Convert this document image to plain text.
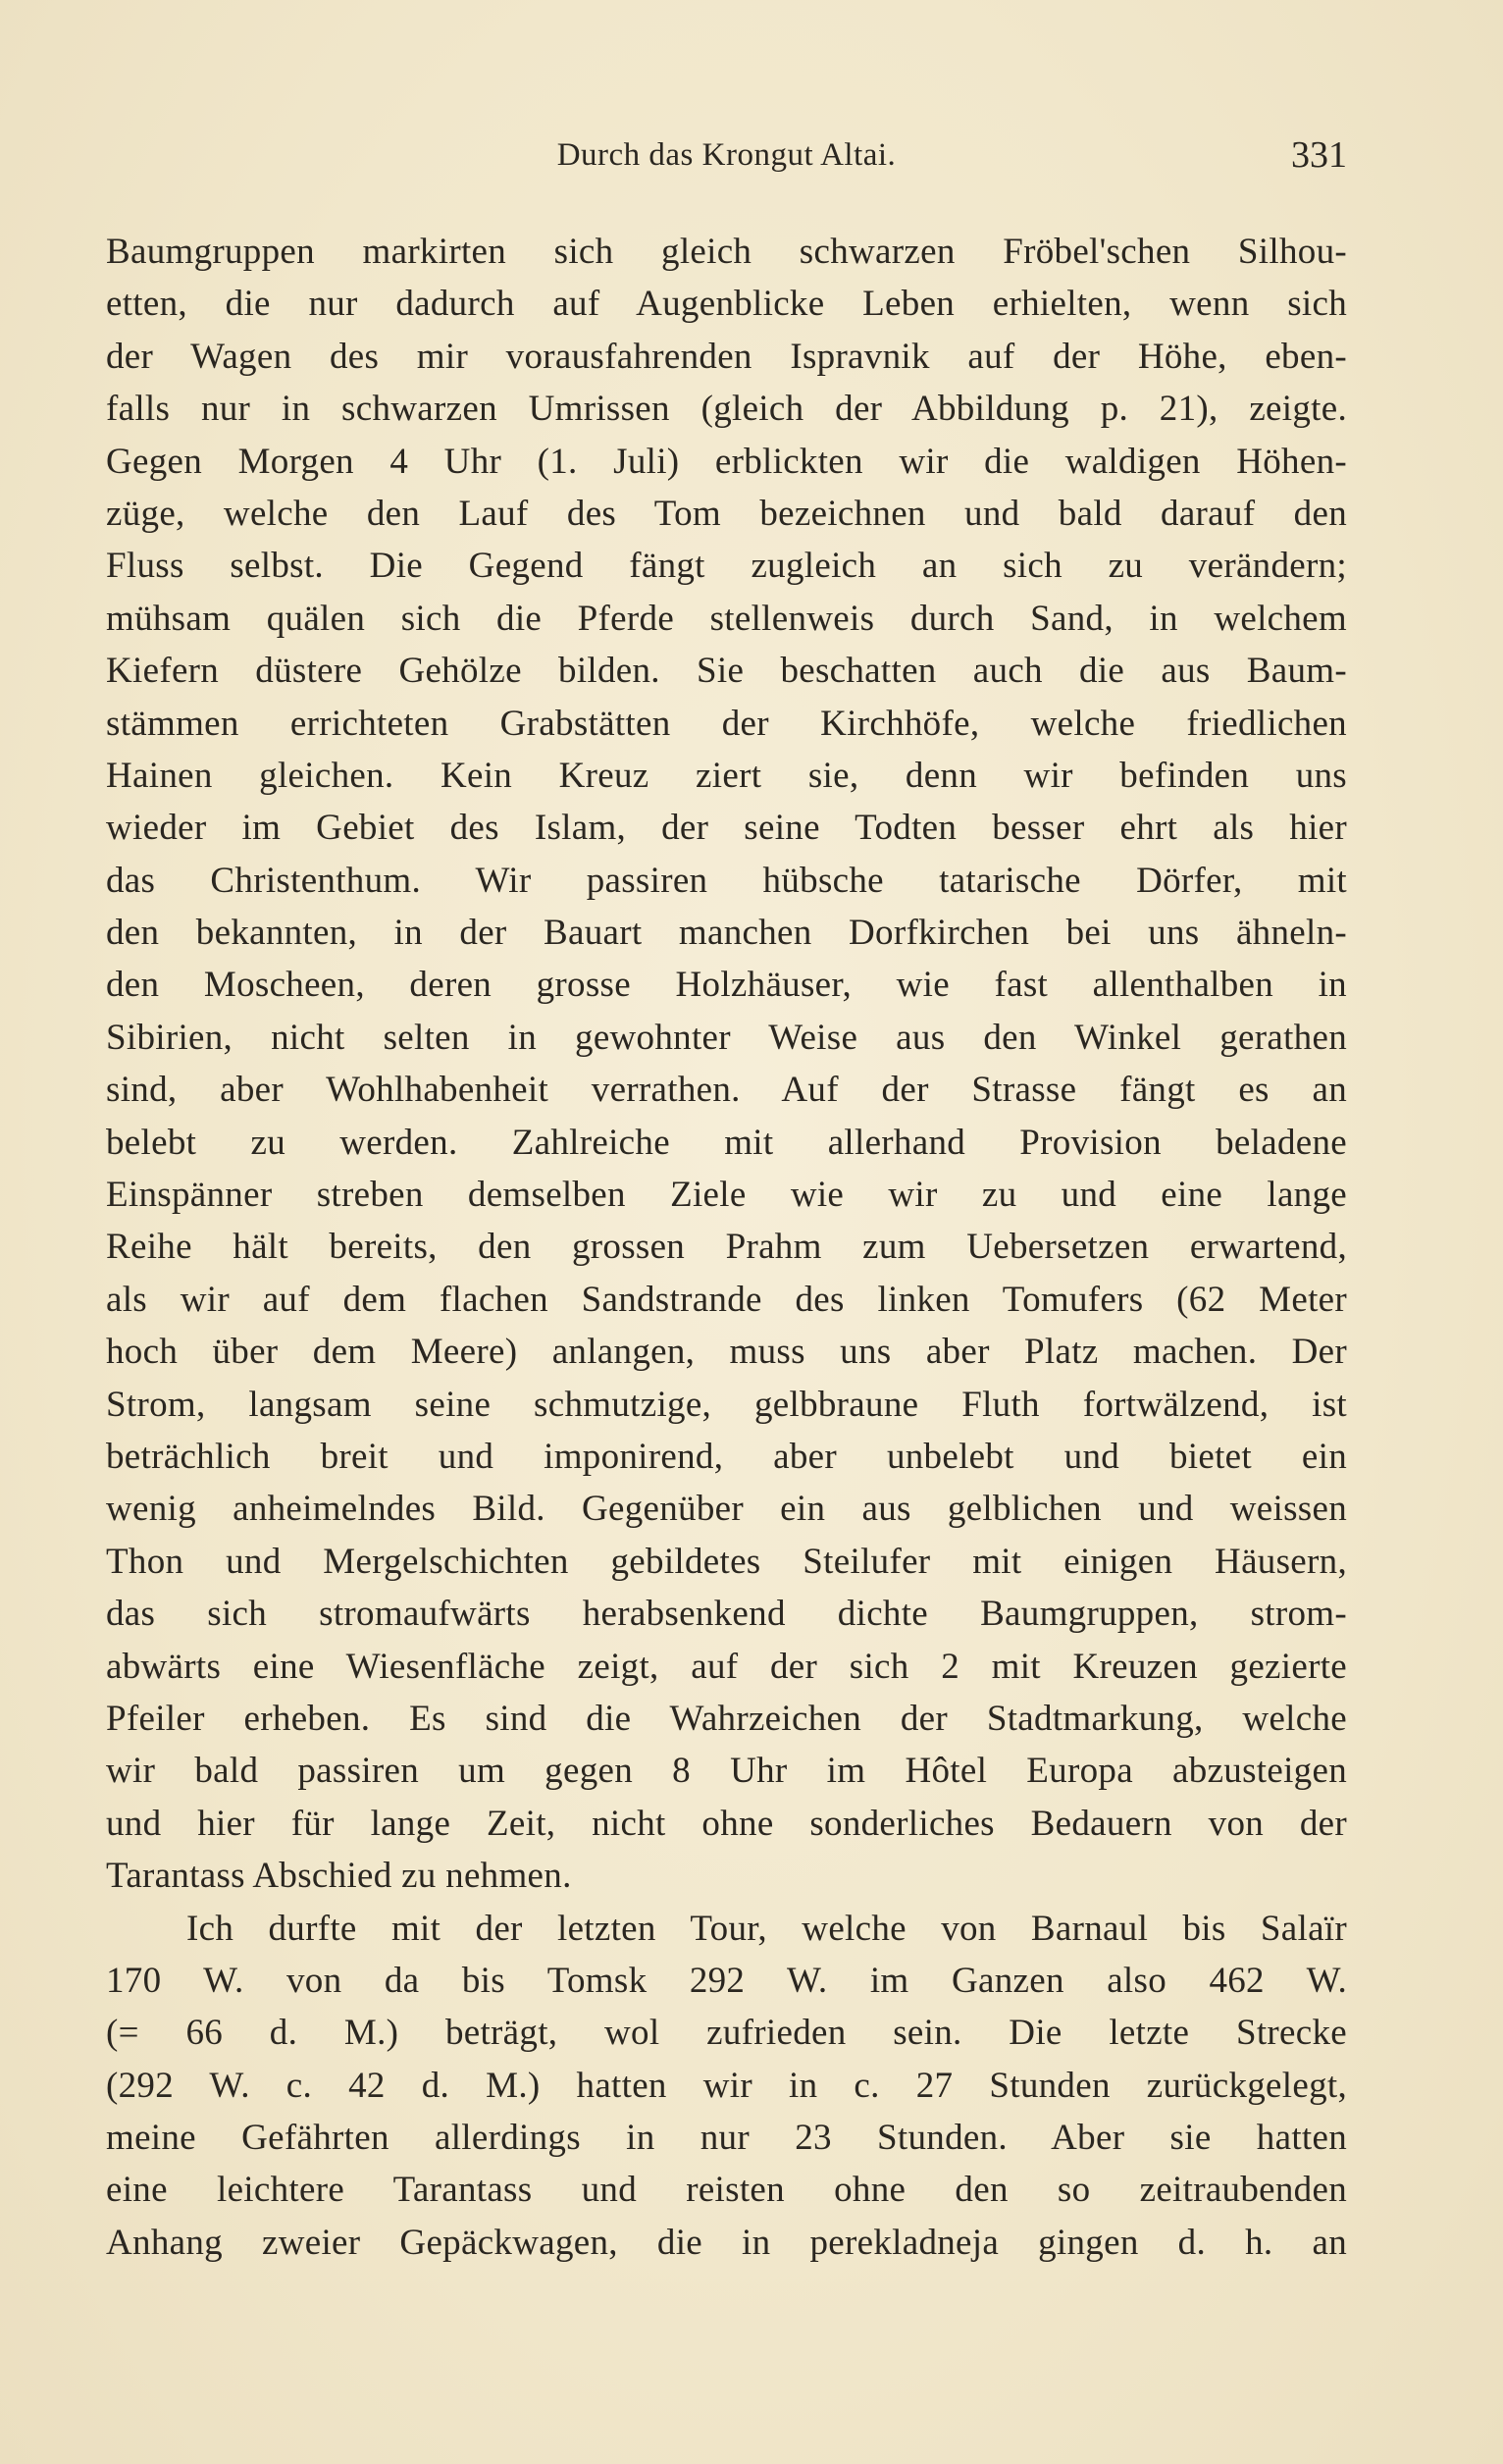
Durch das Krongut Altai.	331
Baumgruppen markirten sich gleich schwarzen Fröbel'schen Silhou-
etten, die nur dadurch auf Augenblicke Leben erhielten, wenn sich
der Wagen des mir vorausfahrenden Ispravnik auf der Höhe, eben-
falls nur in schwarzen Umrissen (gleich der Abbildung p. 21), zeigte.
Gegen Morgen 4 Uhr (1. Juli) erblickten wir die waldigen Höhen-
züge, welche den Lauf des Tom bezeichnen und bald darauf den
Fluss selbst. Die Gegend fängt zugleich an sich zu verändern;
mühsam quälen sich die Pferde stellenweis durch Sand, in welchem
Kiefern düstere Gehölze bilden. Sie beschatten auch die aus Baum-
stämmen errichteten Grabstätten der Kirchhöfe, welche friedlichen
Hainen gleichen. Kein Kreuz ziert sie, denn wir befinden uns
wieder im Gebiet des Islam, der seine Todten besser ehrt als hier
das Christenthum. Wir passiren hübsche tatarische Dörfer, mit
den bekannten, in der Bauart manchen Dorfkirchen bei uns ähneln-
den Moscheen, deren grosse Holzhäuser, wie fast allenthalben in
Sibirien, nicht selten in gewohnter Weise aus den Winkel gerathen
sind, aber Wohlhabenheit verrathen. Auf der Strasse fängt es an
belebt zu werden. Zahlreiche mit allerhand Provision beladene
Einspänner streben demselben Ziele wie wir zu und eine lange
Reihe hält bereits, den grossen Prahm zum Uebersetzen erwartend,
als wir auf dem flachen Sandstrande des linken Tomufers (62 Meter
hoch über dem Meere) anlangen, muss uns aber Platz machen. Der
Strom, langsam seine schmutzige, gelbbraune Fluth fortwälzend, ist
beträchlich breit und imponirend, aber unbelebt und bietet ein
wenig anheimelndes Bild. Gegenüber ein aus gelblichen und weissen
Thon und Mergelschichten gebildetes Steilufer mit einigen Häusern,
das sich stromaufwärts herabsenkend dichte Baumgruppen, strom-
abwärts eine Wiesenfläche zeigt, auf der sich 2 mit Kreuzen gezierte
Pfeiler erheben. Es sind die Wahrzeichen der Stadtmarkung, welche
wir bald passiren um gegen 8 Uhr im Hôtel Europa abzusteigen
und hier für lange Zeit, nicht ohne sonderliches Bedauern von der
Tarantass Abschied zu nehmen.
Ich durfte mit der letzten Tour, welche von Barnaul bis Salaïr
170 W. von da bis Tomsk 292 W. im Ganzen also 462 W.
(= 66 d. M.) beträgt, wol zufrieden sein. Die letzte Strecke
(292 W. c. 42 d. M.) hatten wir in c. 27 Stunden zurückgelegt,
meine Gefährten allerdings in nur 23 Stunden. Aber sie hatten
eine leichtere Tarantass und reisten ohne den so zeitraubenden
Anhang zweier Gepäckwagen, die in perekladneja gingen d. h. an
